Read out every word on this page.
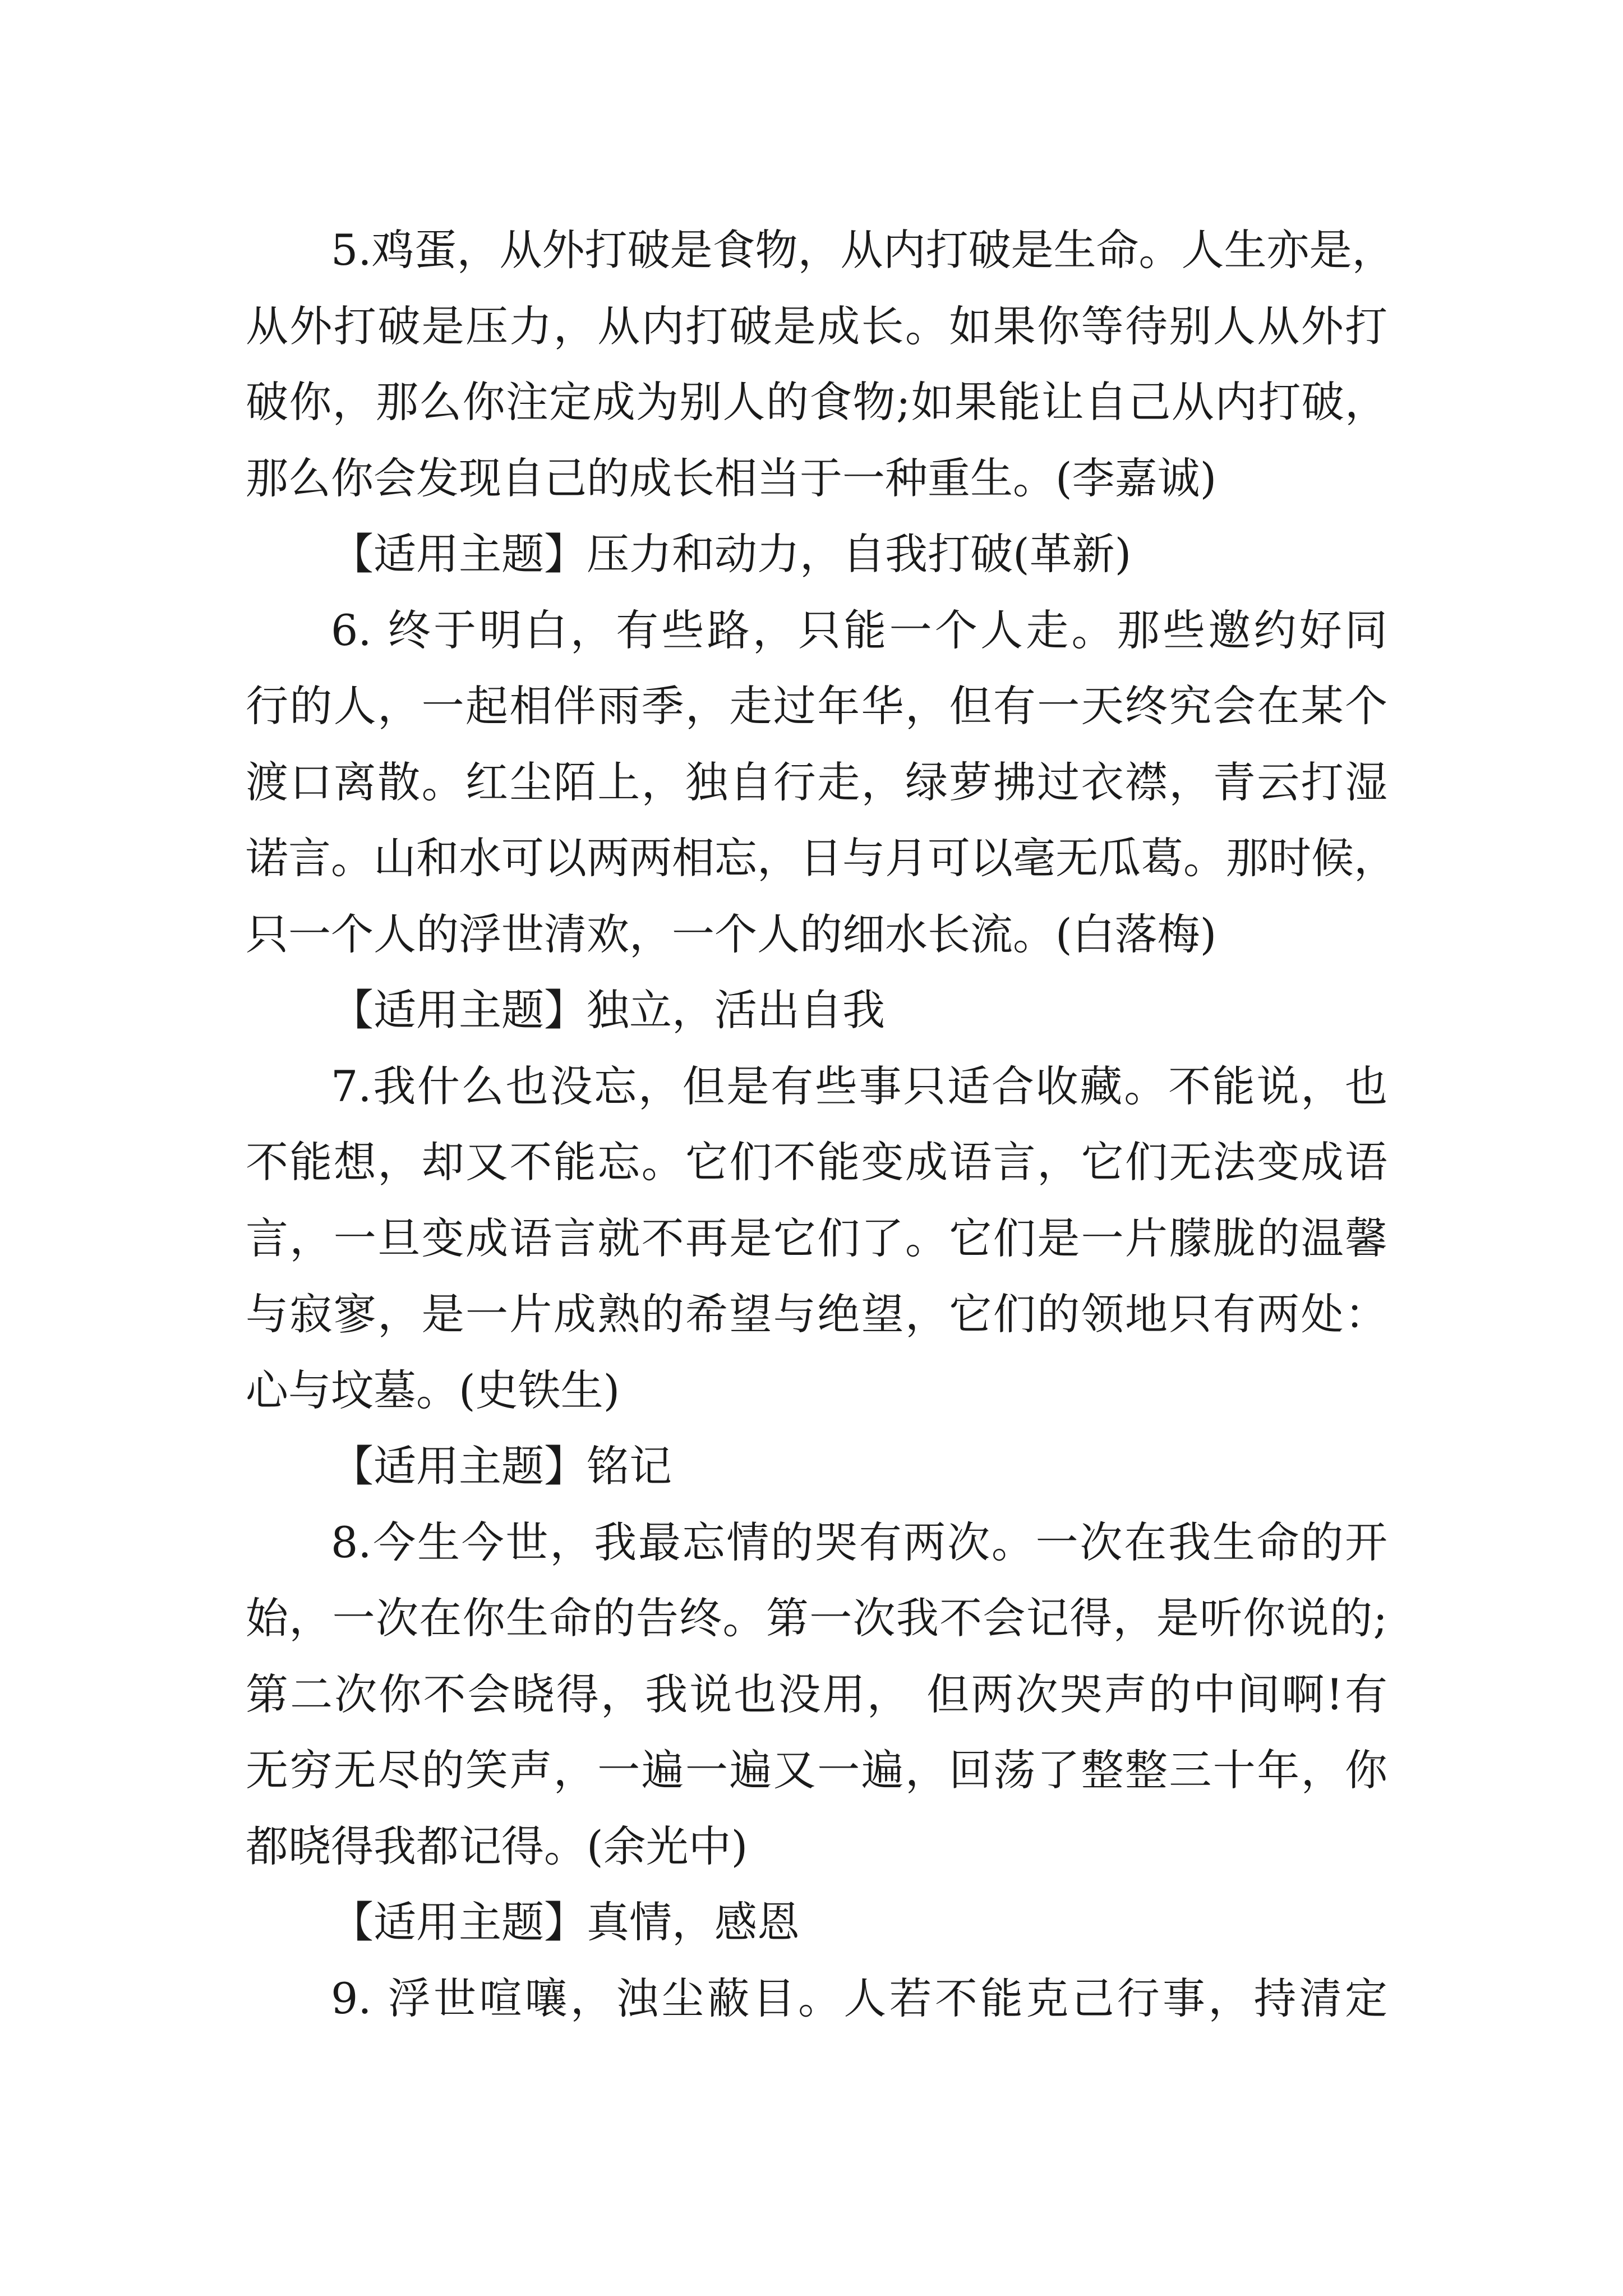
5.鸡蛋，从外打破是食物，从内打破是生命。人生亦是，
从外打破是压力，从内打破是成长。如果你等待别人从外打
破你，那么你注定成为别人的食物;如果能让自己从内打破，
那么你会发现自己的成长相当于一种重生。(李嘉诚)
【适用主题】压力和动力，自我打破(革新)
6. 终于明白，有些路，只能一个人走。那些邀约好同
行的人，一起相伴雨季，走过年华，但有一天终究会在某个
渡口离散。红尘陌上，独自行走，绿萝拂过衣襟，青云打湿
诺言。山和水可以两两相忘，日与月可以毫无瓜葛。那时候，
只一个人的浮世清欢，一个人的细水长流。(白落梅)
【适用主题】独立，活出自我
7.我什么也没忘，但是有些事只适合收藏。不能说，也
不能想，却又不能忘。它们不能变成语言，它们无法变成语
言，一旦变成语言就不再是它们了。它们是一片朦胧的温馨
与寂寥，是一片成熟的希望与绝望，它们的领地只有两处：
心与坟墓。(史铁生)
【适用主题】铭记
8.今生今世，我最忘情的哭有两次。一次在我生命的开
始，一次在你生命的告终。第一次我不会记得，是听你说的;
第二次你不会晓得，我说也没用， 但两次哭声的中间啊!有
无穷无尽的笑声，一遍一遍又一遍，回荡了整整三十年，你
都晓得我都记得。(余光中)
【适用主题】真情，感恩
9. 浮世喧嚷，浊尘蔽目。人若不能克己行事，持清定
